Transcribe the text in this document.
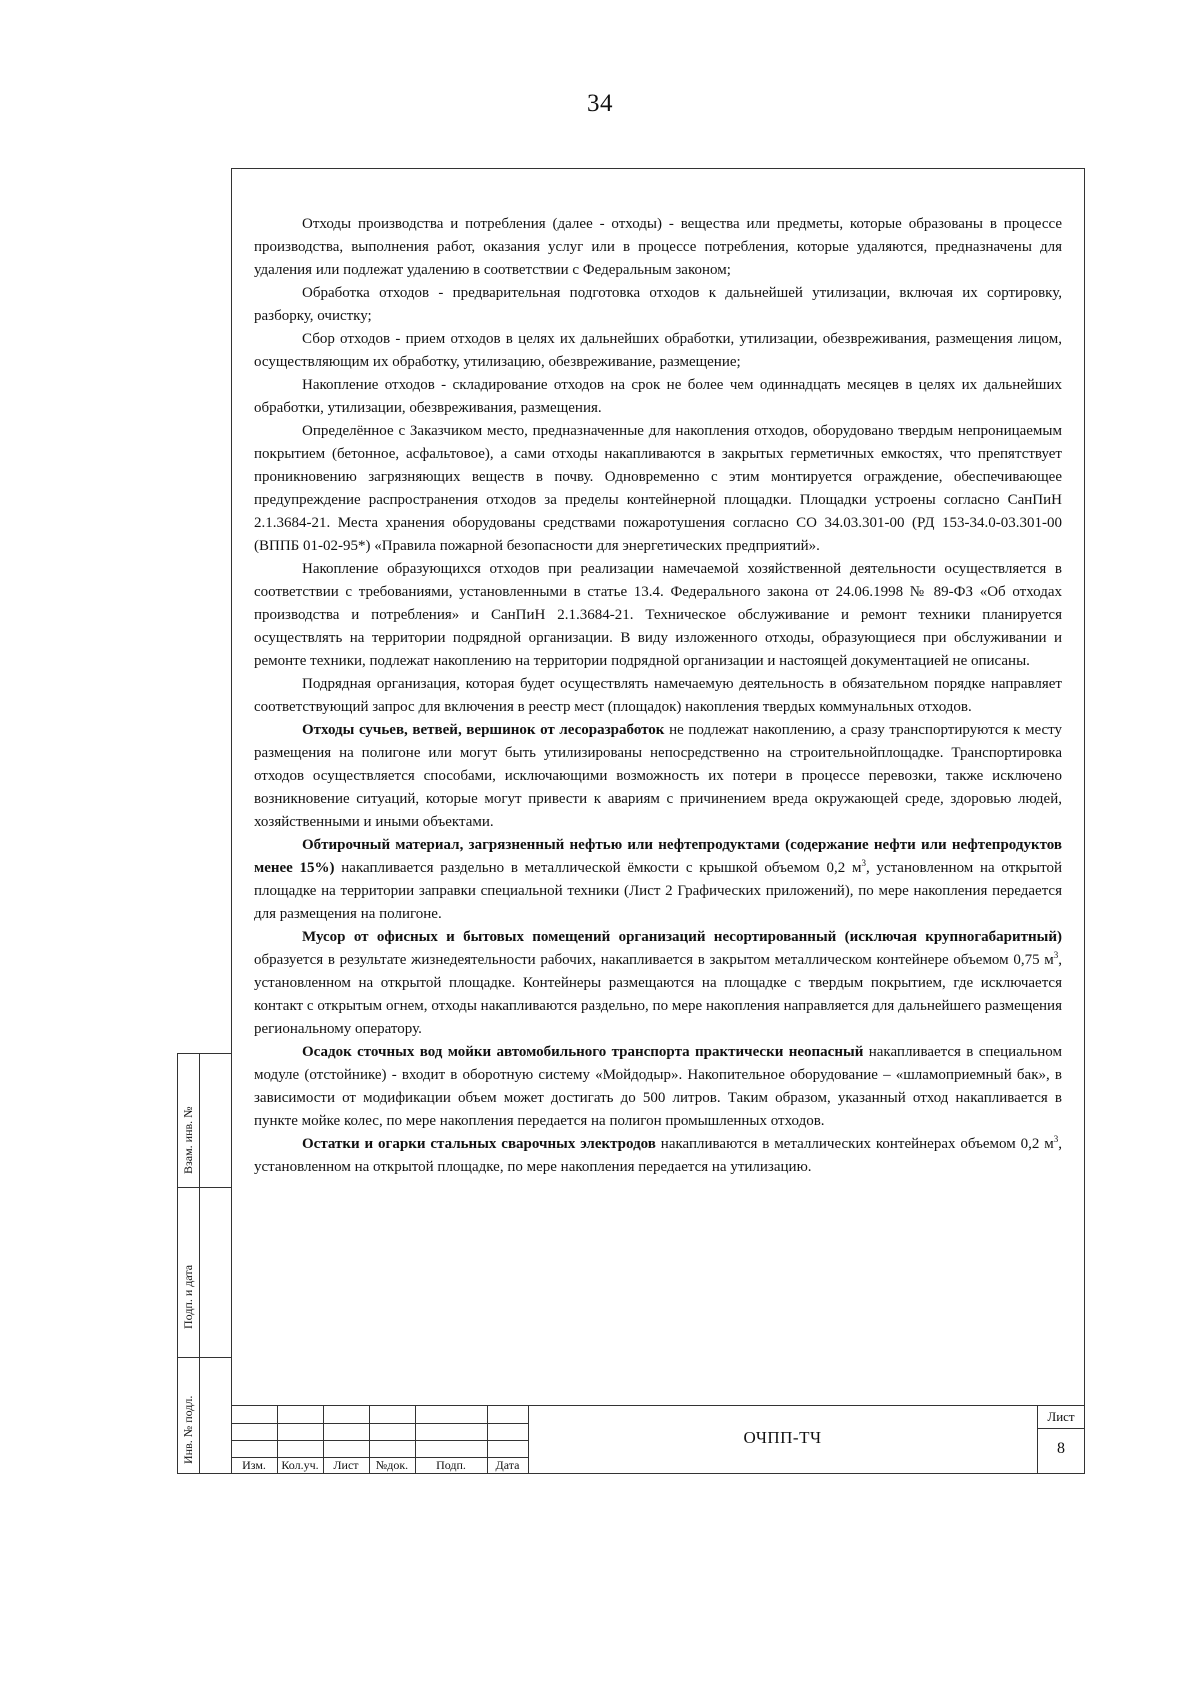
34

Отходы производства и потребления (далее - отходы) - вещества или предметы, которые образованы в процессе производства, выполнения работ, оказания услуг или в процессе потребления, которые удаляются, предназначены для удаления или подлежат удалению в соответствии с Федеральным законом;

Обработка отходов - предварительная подготовка отходов к дальнейшей утилизации, включая их сортировку, разборку, очистку;

Сбор отходов - прием отходов в целях их дальнейших обработки, утилизации, обезвреживания, размещения лицом, осуществляющим их обработку, утилизацию, обезвреживание, размещение;

Накопление отходов - складирование отходов на срок не более чем одиннадцать месяцев в целях их дальнейших обработки, утилизации, обезвреживания, размещения.

Определённое с Заказчиком место, предназначенные для накопления отходов, оборудовано твердым непроницаемым покрытием (бетонное, асфальтовое), а сами отходы накапливаются в закрытых герметичных емкостях, что препятствует проникновению загрязняющих веществ в почву. Одновременно с этим монтируется ограждение, обеспечивающее предупреждение распространения отходов за пределы контейнерной площадки. Площадки устроены согласно СанПиН 2.1.3684-21. Места хранения оборудованы средствами пожаротушения согласно СО 34.03.301-00 (РД 153-34.0-03.301-00 (ВППБ 01-02-95*) «Правила пожарной безопасности для энергетических предприятий».

Накопление образующихся отходов при реализации намечаемой хозяйственной деятельности осуществляется в соответствии с требованиями, установленными в статье 13.4. Федерального закона от 24.06.1998 № 89-ФЗ «Об отходах производства и потребления» и СанПиН 2.1.3684-21. Техническое обслуживание и ремонт техники планируется осуществлять на территории подрядной организации. В виду изложенного отходы, образующиеся при обслуживании и ремонте техники, подлежат накоплению на территории подрядной организации и настоящей документацией не описаны.

Подрядная организация, которая будет осуществлять намечаемую деятельность в обязательном порядке направляет соответствующий запрос для включения в реестр мест (площадок) накопления твердых коммунальных отходов.

Отходы сучьев, ветвей, вершинок от лесоразработок не подлежат накоплению, а сразу транспортируются к месту размещения на полигоне или могут быть утилизированы непосредственно на строительнойплощадке. Транспортировка отходов осуществляется способами, исключающими возможность их потери в процессе перевозки, также исключено возникновение ситуаций, которые могут привести к авариям с причинением вреда окружающей среде, здоровью людей, хозяйственными и иными объектами.

Обтирочный материал, загрязненный нефтью или нефтепродуктами (содержание нефти или нефтепродуктов менее 15%) накапливается раздельно в металлической ёмкости с крышкой объемом 0,2 $м^3$, установленном на открытой площадке на территории заправки специальной техники (Лист 2 Графических приложений), по мере накопления передается для размещения на полигоне.

Мусор от офисных и бытовых помещений организаций несортированный (исключая крупногабаритный) образуется в результате жизнедеятельности рабочих, накапливается в закрытом металлическом контейнере объемом 0,75 $м^3$, установленном на открытой площадке. Контейнеры размещаются на площадке с твердым покрытием, где исключается контакт с открытым огнем, отходы накапливаются раздельно, по мере накопления направляется для дальнейшего размещения региональному оператору.

Осадок сточных вод мойки автомобильного транспорта практически неопасный накапливается в специальном модуле (отстойнике) - входит в оборотную систему «Мойдодыр». Накопительное оборудование – «шламоприемный бак», в зависимости от модификации объем может достигать до 500 литров. Таким образом, указанный отход накапливается в пункте мойке колес, по мере накопления передается на полигон промышленных отходов.

Остатки и огарки стальных сварочных электродов накапливаются в металлических контейнерах объемом 0,2 $м^3$, установленном на открытой площадке, по мере накопления передается на утилизацию.

Взам. инв. №
Подп. и дата
Инв. № подл.
Изм.	Кол.уч.	Лист	№док.	Подп.	Дата
ОЧПП-ТЧ
Лист
8
